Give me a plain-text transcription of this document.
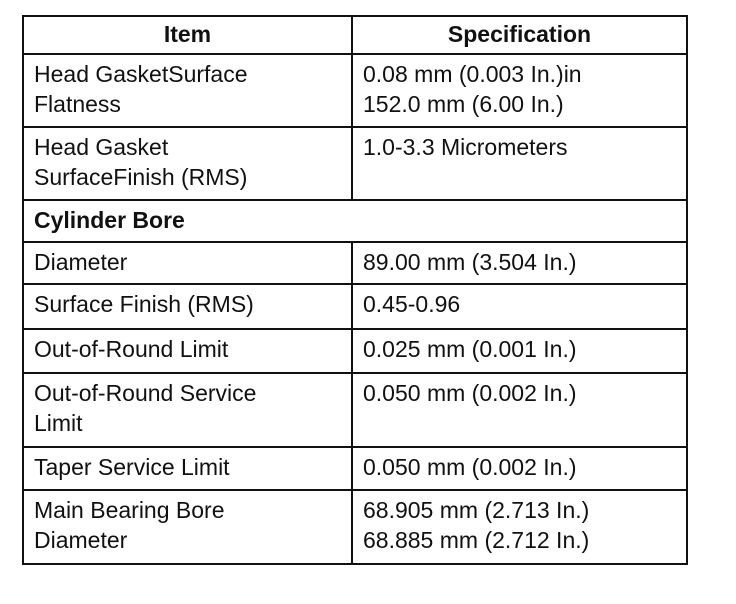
Item	Specification

Head GasketSurface
Flatness	0.08 mm (0.003 In.)in
152.0 mm (6.00 In.)

Head Gasket
SurfaceFinish (RMS)	1.0-3.3 Micrometers

Cylinder Bore	

Diameter	89.00 mm (3.504 In.)

Surface Finish (RMS)	0.45-0.96

Out-of-Round Limit	0.025 mm (0.001 In.)

Out-of-Round Service
Limit	0.050 mm (0.002 In.)

Taper Service Limit	0.050 mm (0.002 In.)

Main Bearing Bore
Diameter	68.905 mm (2.713 In.)
68.885 mm (2.712 In.)
